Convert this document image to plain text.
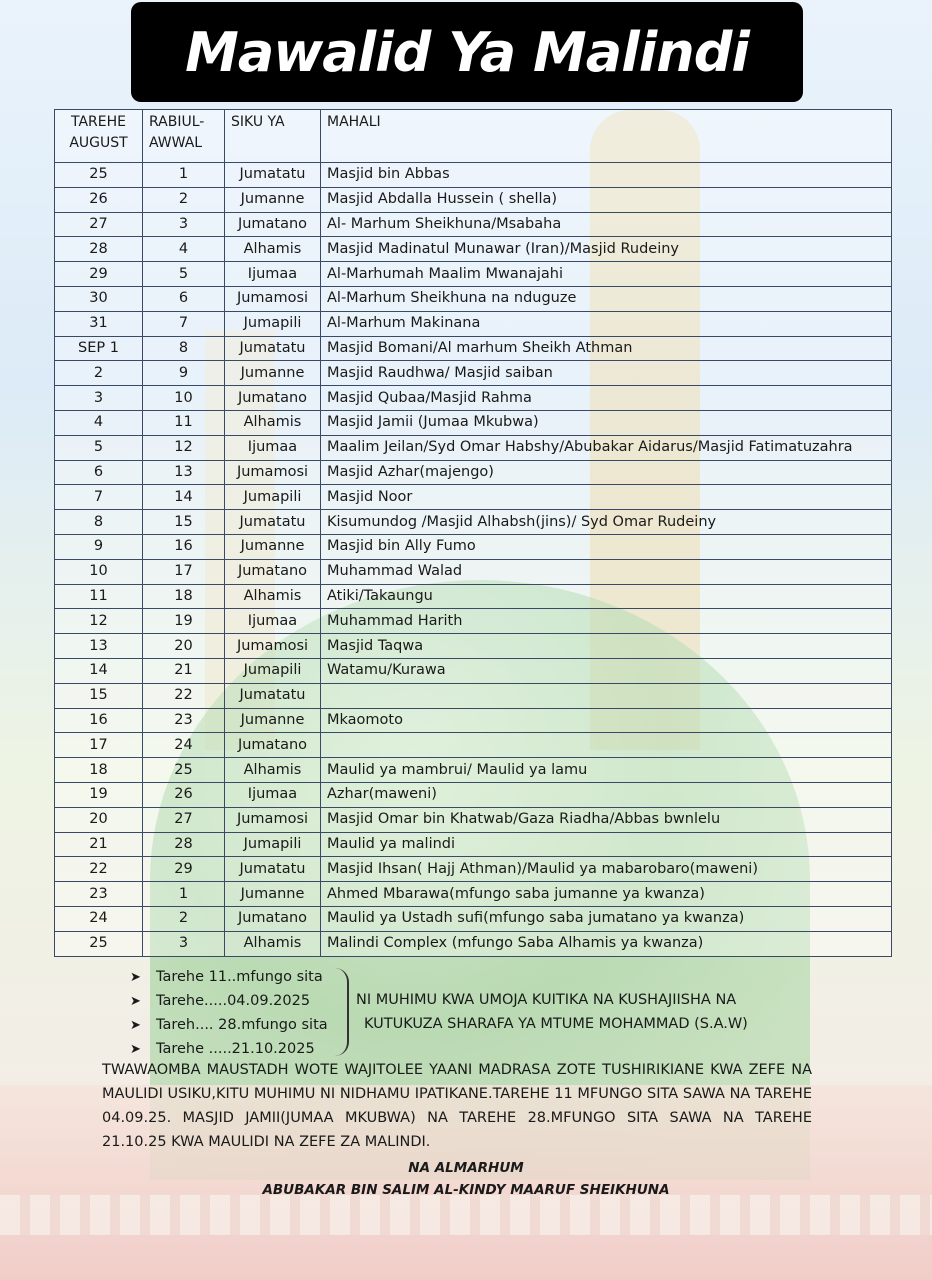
Mawalid Ya Malindi
TAREHE AUGUST	RABIUL-AWWAL	SIKU YA	MAHALI
25	1	Jumatatu	Masjid bin Abbas
26	2	Jumanne	Masjid Abdalla Hussein ( shella)
27	3	Jumatano	Al- Marhum Sheikhuna/Msabaha
28	4	Alhamis	Masjid Madinatul Munawar (Iran)/Masjid Rudeiny
29	5	Ijumaa	Al-Marhumah Maalim Mwanajahi
30	6	Jumamosi	Al-Marhum Sheikhuna na nduguze
31	7	Jumapili	Al-Marhum Makinana
SEP 1	8	Jumatatu	Masjid Bomani/Al marhum Sheikh Athman
2	9	Jumanne	Masjid Raudhwa/ Masjid saiban
3	10	Jumatano	Masjid Qubaa/Masjid Rahma
4	11	Alhamis	Masjid Jamii (Jumaa Mkubwa)
5	12	Ijumaa	Maalim Jeilan/Syd Omar Habshy/Abubakar Aidarus/Masjid Fatimatuzahra
6	13	Jumamosi	Masjid Azhar(majengo)
7	14	Jumapili	Masjid Noor
8	15	Jumatatu	Kisumundog /Masjid Alhabsh(jins)/ Syd Omar Rudeiny
9	16	Jumanne	Masjid bin Ally Fumo
10	17	Jumatano	Muhammad Walad
11	18	Alhamis	Atiki/Takaungu
12	19	Ijumaa	Muhammad Harith
13	20	Jumamosi	Masjid Taqwa
14	21	Jumapili	Watamu/Kurawa
15	22	Jumatatu	
16	23	Jumanne	Mkaomoto
17	24	Jumatano	
18	25	Alhamis	Maulid ya mambrui/ Maulid ya lamu
19	26	Ijumaa	Azhar(maweni)
20	27	Jumamosi	Masjid Omar bin Khatwab/Gaza Riadha/Abbas bwnlelu
21	28	Jumapili	Maulid ya malindi
22	29	Jumatatu	Masjid Ihsan( Hajj Athman)/Maulid ya mabarobaro(maweni)
23	1	Jumanne	Ahmed Mbarawa(mfungo saba jumanne ya kwanza)
24	2	Jumatano	Maulid ya Ustadh sufi(mfungo saba jumatano ya kwanza)
25	3	Alhamis	Malindi Complex (mfungo Saba Alhamis ya kwanza)
➤	Tarehe 11..mfungo sita
➤	Tarehe.....04.09.2025
➤	Tareh.... 28.mfungo sita
➤	Tarehe .....21.10.2025
NI MUHIMU KWA UMOJA KUITIKA NA KUSHAJIISHA NA
KUTUKUZA SHARAFA YA MTUME MOHAMMAD (S.A.W)
TWAWAOMBA MAUSTADH WOTE WAJITOLEE YAANI MADRASA ZOTE TUSHIRIKIANE KWA ZEFE NA MAULIDI USIKU,KITU MUHIMU NI NIDHAMU IPATIKANE.TAREHE 11 MFUNGO SITA SAWA NA TAREHE 04.09.25. MASJID JAMII(JUMAA MKUBWA) NA TAREHE 28.MFUNGO SITA SAWA NA TAREHE 21.10.25 KWA MAULIDI NA ZEFE ZA MALINDI.
NA ALMARHUM
ABUBAKAR BIN SALIM AL-KINDY MAARUF SHEIKHUNA
